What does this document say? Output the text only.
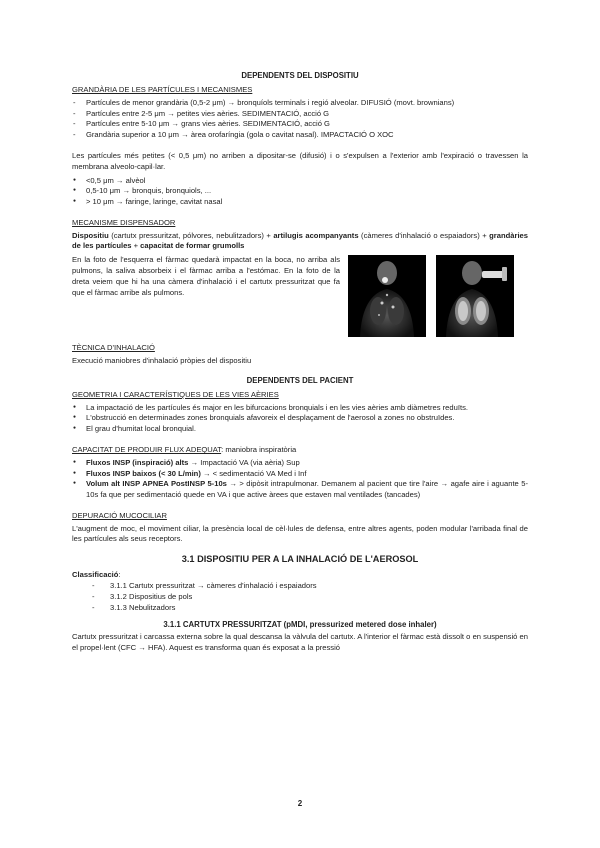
DEPENDENTS DEL DISPOSITIU
GRANDÀRIA DE LES PARTÍCULES I MECANISMES
- Partícules de menor grandària (0,5-2 μm) → bronquíols terminals i regió alveolar. DIFUSIÓ (movt. brownians)
- Partícules entre 2-5 μm → petites vies aèries. SEDIMENTACIÓ, acció G
- Partícules entre 5-10 μm → grans vies aèries. SEDIMENTACIÓ, acció G
- Grandària superior a 10 μm → àrea orofaríngia (gola o cavitat nasal). IMPACTACIÓ O XOC

Les partícules més petites (< 0,5 μm) no arriben a dipositar-se (difusió) i o s'expulsen a l'exterior amb l'expiració o travessen la membrana alveolo-capil·lar.

● <0,5 μm → alvèol
● 0,5-10 μm → bronquis, bronquiols, ...
● > 10 μm → faringe, laringe, cavitat nasal
MECANISME DISPENSADOR

Dispositiu (cartutx pressuritzat, pólvores, nebulitzadors) + artilugis acompanyants (càmeres d'inhalació o espaiadors) + grandàries de les partícules + capacitat de formar grumolls

En la foto de l'esquerra el fàrmac quedarà impactat en la boca, no arriba als pulmons, la saliva absorbeix i el fàrmac arriba a l'estómac. En la foto de la dreta veiem que hi ha una càmera d'inhalació i el cartutx pressuritzat que fa que el fàrmac arribe als pulmons.
TÈCNICA D'INHALACIÓ

Execució maniobres d'inhalació pròpies del dispositiu

DEPENDENTS DEL PACIENT
GEOMETRIA I CARACTERÍSTIQUES DE LES VIES AÈRIES
● La impactació de les partícules és major en les bifurcacions bronquials i en les vies aèries amb diàmetres reduïts.
● L'obstrucció en determinades zones bronquials afavoreix el desplaçament de l'aerosol a zones no obstruïdes.
● El grau d'humitat local bronquial.
CAPACITAT DE PRODUIR FLUX ADEQUAT: maniobra inspiratòria
● Fluxos INSP (inspiració) alts → Impactació VA (via aèria) Sup
● Fluxos INSP baixos (< 30 L/min) → < sedimentació VA Med i Inf
● Volum alt INSP APNEA PostINSP 5-10s → > dipòsit intrapulmonar. Demanem al pacient que tire l'aire → agafe aire i aguante 5-10s fa que per sedimentació quede en VA i que active àrees que estaven mal ventilades (tancades)
DEPURACIÓ MUCOCILIAR

L'augment de moc, el moviment ciliar, la presència local de cèl·lules de defensa, entre altres agents, poden modular l'arribada final de les partícules als seus receptors.

3.1 DISPOSITIU PER A LA INHALACIÓ DE L'AEROSOL
Classificació:
- 3.1.1 Cartutx pressuritzat → càmeres d'inhalació i espaiadors
- 3.1.2 Dispositius de pols
- 3.1.3 Nebulitzadors
3.1.1 CARTUTX PRESSURITZAT (pMDI, pressurized metered dose inhaler)

Cartutx pressuritzat i carcassa externa sobre la qual descansa la vàlvula del cartutx. A l'interior el fàrmac està dissolt o en suspensió en el propel·lent (CFC → HFA). Aquest es transforma quan és exposat a la pressió

2
